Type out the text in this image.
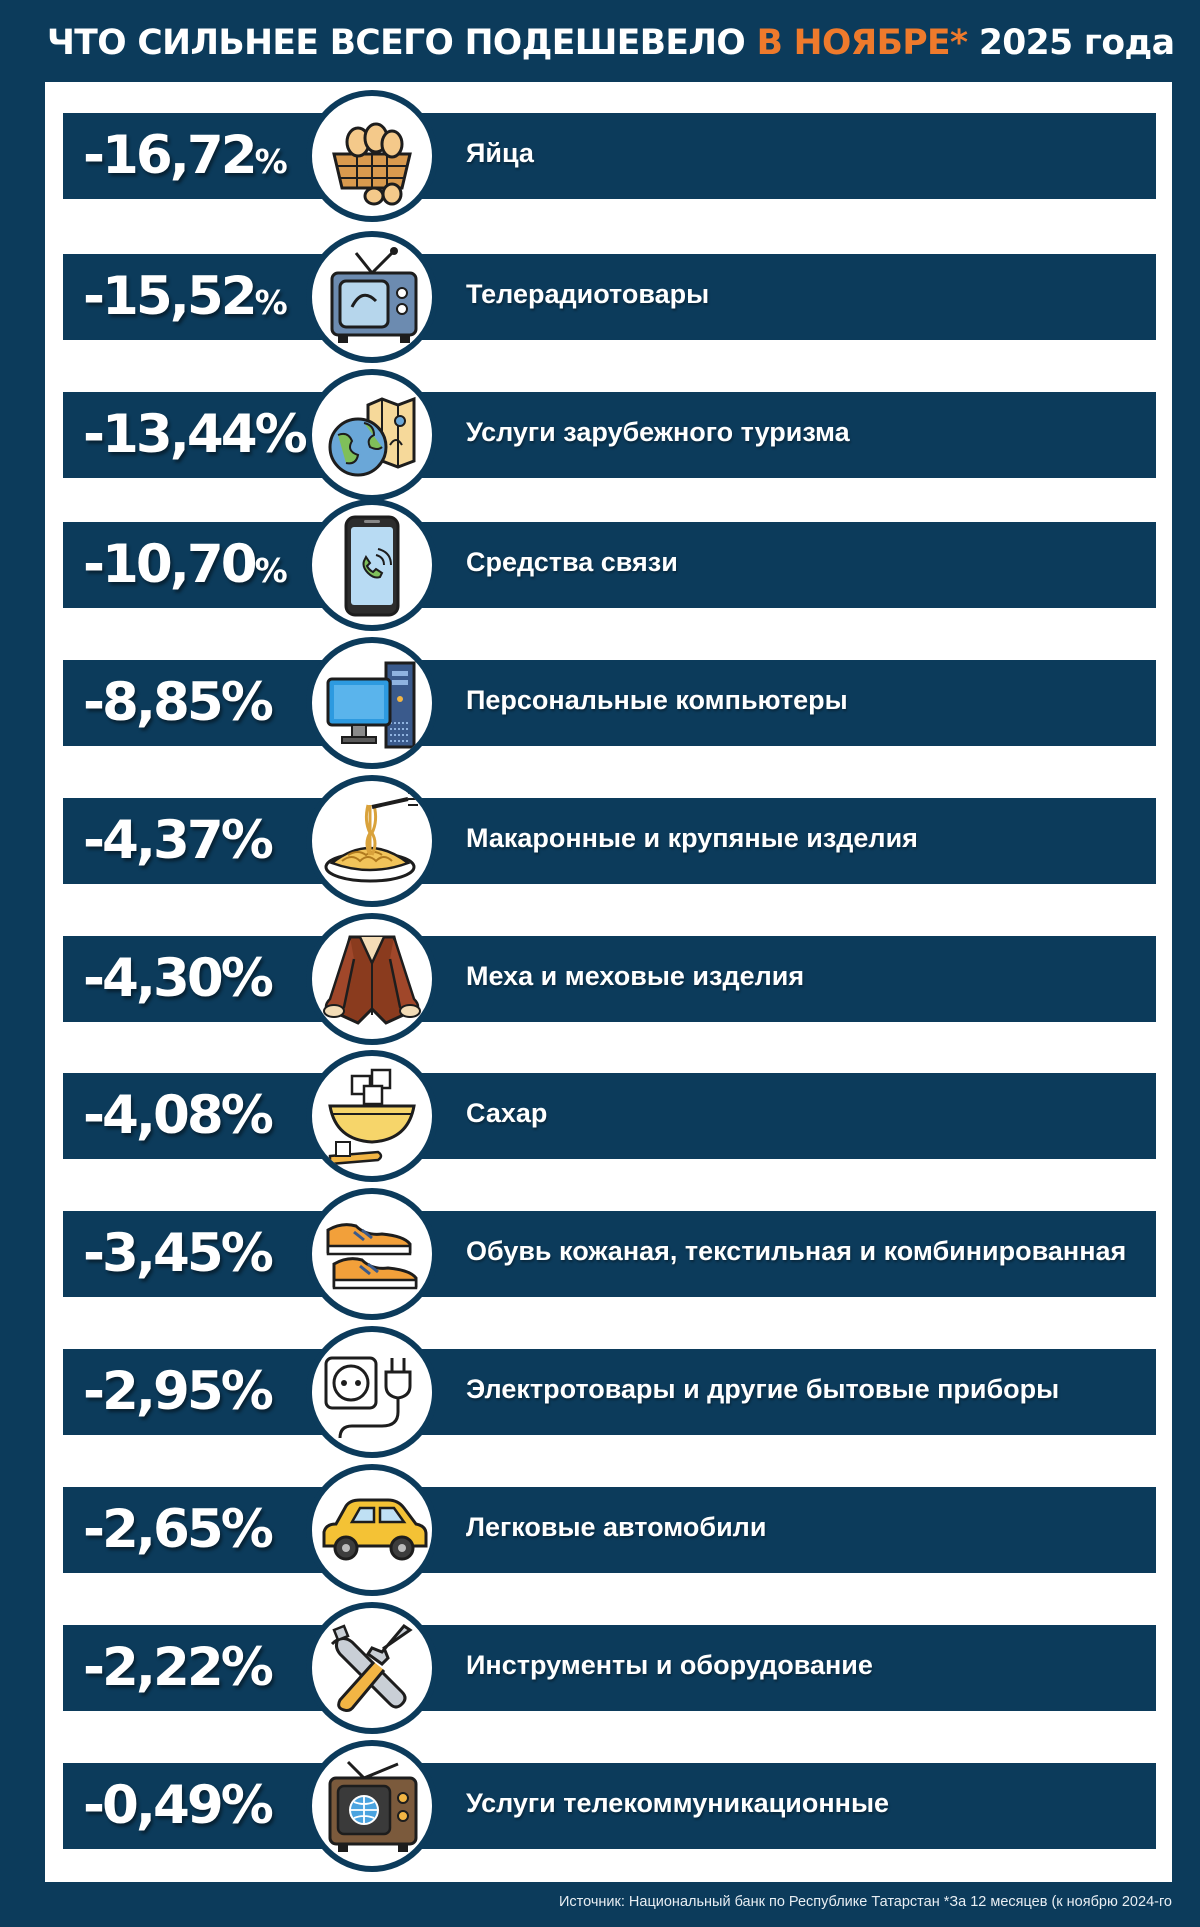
ЧТО СИЛЬНЕЕ ВСЕГО ПОДЕШЕВЕЛО В НОЯБРЕ* 2025 года
-16,72%	Яйца
-15,52%	Телерадиотовары
-13,44%	Услуги зарубежного туризма
-10,70%	Средства связи
-8,85%	Персональные компьютеры
-4,37%	Макаронные и крупяные изделия
-4,30%	Меха и меховые изделия
-4,08%	Сахар
-3,45%	Обувь кожаная, текстильная и комбинированная
-2,95%	Электротовары и другие бытовые приборы
-2,65%	Легковые автомобили
-2,22%	Инструменты и оборудование
-0,49%	Услуги телекоммуникационные
Источник: Национальный банк по Республике Татарстан *За 12 месяцев (к ноябрю 2024-го
